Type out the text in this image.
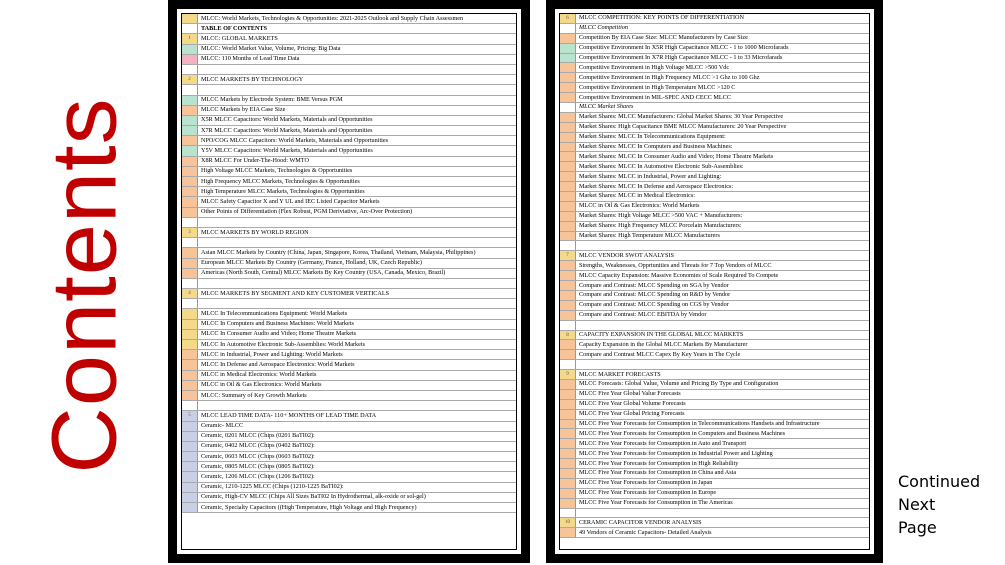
Contents
MLCC: World Markets, Technologies & Opportunities: 2021-2025 Outlook and Supply Chain Assessmen
TABLE OF CONTENTS
1	MLCC: GLOBAL MARKETS
MLCC: World Market Value, Volume, Pricing: Big Data
MLCC: 110 Months of Lead Time Data
2	MLCC MARKETS BY TECHNOLOGY
MLCC Markets by Electrode System: BME Versus PGM
MLCC Markets by EIA Case Size
X5R MLCC Capacitors: World Markets, Materials and Opportunities
X7R MLCC Capacitors: World Markets, Materials and Opportunities
NPO/COG MLCC Capacitors: World Markets, Materials and Opportunities
Y5V MLCC Capacitors: World Markets, Materials and Opportunities
X8R MLCC For Under-The-Hood: WMTO
High Voltage MLCC Markets, Technologies & Opportunities
High Frequency MLCC Markets, Technologies & Opportunities
High Temperature MLCC Markets, Technologies & Opportunities
MLCC Safety Capacitor X and Y UL and IEC Listed Capacitor Markets
Other Points of Differentiation (Flex Robust, PGM Deriviative, Arc-Over Protection)
3	MLCC MARKETS BY WORLD REGION
Asian MLCC Markets by Country (China, Japan, Singapore, Korea, Thailand, Vietnam, Malaysia, Philippines)
European MLCC Markets By Country (Germany, France, Holland, UK, Czech Republic)
Americas (North South, Central) MLCC Markets By Key Country (USA, Canada, Mexico, Brazil)
4	MLCC MARKETS BY SEGMENT AND KEY CUSTOMER VERTICALS
MLCC In Telecommunications Equipment: World Markets
MLCC In Computers and Business Machines: World Markets
MLCC In Consumer Audio and Video; Home Theatre Markets
MLCC In Automotive Electronic Sub-Assemblies: World Markets
MLCC in Industrial, Power and Lighting: World Markets
MLCC In Defense and Aerospace Electronics: World Markets
MLCC in Medical Electronics: World Markets
MLCC in Oil & Gas Electronics: World Markets
MLCC: Summary of Key Growth Markets
5	MLCC LEAD TIME DATA- 110+ MONTHS OF LEAD TIME DATA
Ceramic- MLCC
Ceramic, 0201 MLCC (Chips (0201 BaTI02):
Ceramic, 0402 MLCC (Chips (0402 BaTI02):
Ceramic, 0603 MLCC (Chips (0603 BaTI02):
Ceramic, 0805 MLCC (Chips (0805 BaTI02):
Ceramic, 1206 MLCC (Chips (1206 BaTI02):
Ceramic, 1210-1225 MLCC (Chips (1210-1225 BaTI02):
Ceramic, High-CV MLCC (Chips All Sizes BaTI02 In Hydrothermal, alk-oxide or sol-gel)
Ceramic, Specialty Capacitors ((High Temperature, High Voltage and High Frequency)
6	MLCC COMPETITION: KEY POINTS OF DIFFERENTIATION
MLCC Competition
Competition By EIA Case Size: MLCC Manufacturers by Case Size
Competitive Environment In X5R High Capacitance MLCC - 1 to 1000 Microfarads
Competitive Environment In X7R High Capacitance MLCC - 1 to 33 Microfarads
Competitive Environment in High Voltage MLCC >500 Vdc
Competitive Environment in High Frequency MLCC >1 Ghz to 100 Ghz
Competitive Environment in High Temperature MLCC >120 C
Competitive Environment in MIL-SPEC AND CECC MLCC
MLCC Market Shares
Market Shares: MLCC Manufacturers: Global Market Shares: 30 Year Perspective
Market Shares: High Capacitance BME MLCC Manufacturers: 20 Year Perspective
Market Shares: MLCC In Telecommunications Equipment:
Market Shares: MLCC In Computers and Business Machines:
Market Shares: MLCC In Consumer Audio and Video; Home Theatre Markets
Market Shares: MLCC In Automotive Electronic Sub-Assemblies:
Market Shares: MLCC in Industrial, Power and Lighting:
Market Shares: MLCC In Defense and Aerospace Electronics:
Market Shares: MLCC in Medical Electronics:
MLCC in Oil & Gas Electronics: World Markets
Market Shares: High Voltage MLCC >500 VAC + Manufacturers:
Market Shares: High Frequency MLCC Porcelain Manufacturers:
Market Shares: High Temperature MLCC Manufacturers
7	MLCC VENDOR SWOT ANALYSIS
Strengths, Weaknesses, Opprtunities and Threats for 7 Top Vendors of MLCC
MLCC Capacity Expansion: Massive Economies of Scale Required To Compete
Compare and Contrast: MLCC Spending on SGA by Vendor
Compare and Contrast: MLCC Spending on R&D by Vendor
Compare and Contrast: MLCC Spending on CGS by Vendor
Compare and Contrast: MLCC EBITDA by Vendor
8	CAPACITY EXPANSION IN THE GLOBAL MLCC MARKETS
Capacity Expansion in the Global MLCC Markets By Manufacturer
Compare and Contrast MLCC Capex By Key Years in The Cycle
9	MLCC MARKET FORECASTS
MLCC Forecasts: Global Value, Volume and Pricing By Type and Configuration
MLCC Five Year Global Value Forecasts
MLCC Five Year Global Volume Forecasts
MLCC Five Year Global Pricing Forecasts
MLCC Five Year Forecasts for Consumption in Telecommunications Handsets and Infrastructure
MLCC Five Year Forecasts for Consumption in Computers and Business Machines
MLCC Five Year Forecasts for Consumption in Auto and Transport
MLCC Five Year Forecasts for Consumption in Industrial Power and Lighting
MLCC Five Year Forecasts for Consumption in High Reliability
MLCC Five Year Forecasts for Consumption in China and Asia
MLCC Five Year Forecasts for Consumption in Japan
MLCC Five Year Forecasts for Consumption in Europe
MLCC Five Year Forecasts for Consumption in The Americas
10	CERAMIC CAPACITOR VENDOR ANALYSIS
49 Vendors of Ceramic Capacitors- Detailed Analysis
Continued
Next
Page
